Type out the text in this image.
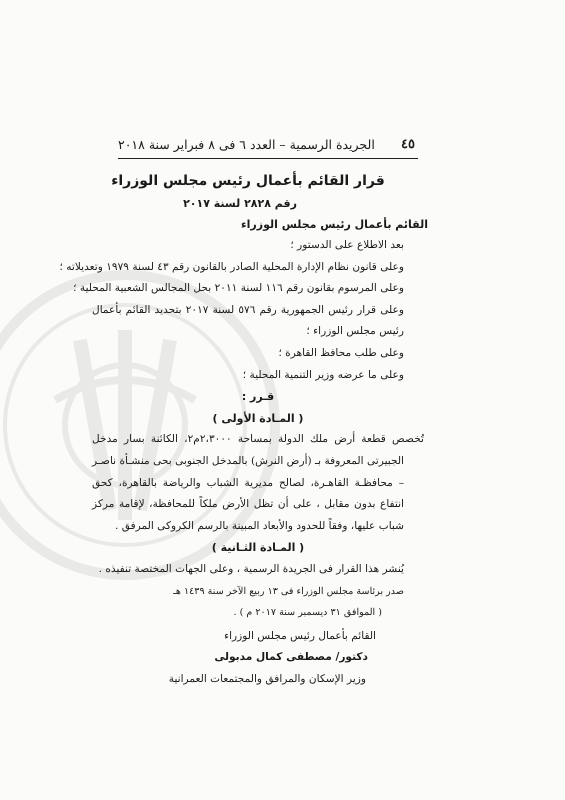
٤٥
الجريدة الرسمية – العدد ٦ فى ٨ فبراير سنة ٢٠١٨
قرار القائم بأعمال رئيس مجلس الوزراء
رقم ٢٨٢٨ لسنة ٢٠١٧
القائم بأعمال رئيس مجلس الوزراء

بعد الاطلاع على الدستور ؛

وعلى قانون نظام الإدارة المحلية الصادر بالقانون رقم ٤٣ لسنة ١٩٧٩ وتعديلاته ؛

وعلى المرسوم بقانون رقم ١١٦ لسنة ٢٠١١ بحل المجالس الشعبية المحلية ؛

وعلى قرار رئيس الجمهورية رقم ٥٧٦ لسنة ٢٠١٧ بتحديد القائم بأعمال رئيس مجلس الوزراء ؛

وعلى طلب محافظ القاهرة ؛

وعلى ما عرضه وزير التنمية المحلية ؛

قـرر :

( المـادة الأولى )

تُخصص قطعة أرض ملك الدولة بمساحة ٢،٣٠٠٠م٢، الكائنة بسار مدخل الجبيرتى المعروفة بـ (أرض النرش) بالمدخل الجنوبى بحى منشـأة ناصـر – محافظـة القاهـرة، لصالح مديرية الشباب والرياضة بالقاهرة، كحق انتفاع بدون مقابل ، على أن تظل الأرض ملكاً للمحافظة، لإقامة مركز شباب عليها، وفقاً للحدود والأبعاد المبينة بالرسم الكروكى المرفق .

( المـادة الثـانية )

يُنشر هذا القرار فى الجريدة الرسمية ، وعلى الجهات المختصة تنفيذه .

صدر برئاسة مجلس الوزراء فى ١٣ ربيع الآخر سنة ١٤٣٩ هـ

( الموافق ٣١ ديسمبر سنة ٢٠١٧ م ) .

القائم بأعمال رئيس مجلس الوزراء

دكتور/ مصطفى كمال مدبولى

وزير الإسكان والمرافق والمجتمعات العمرانية
